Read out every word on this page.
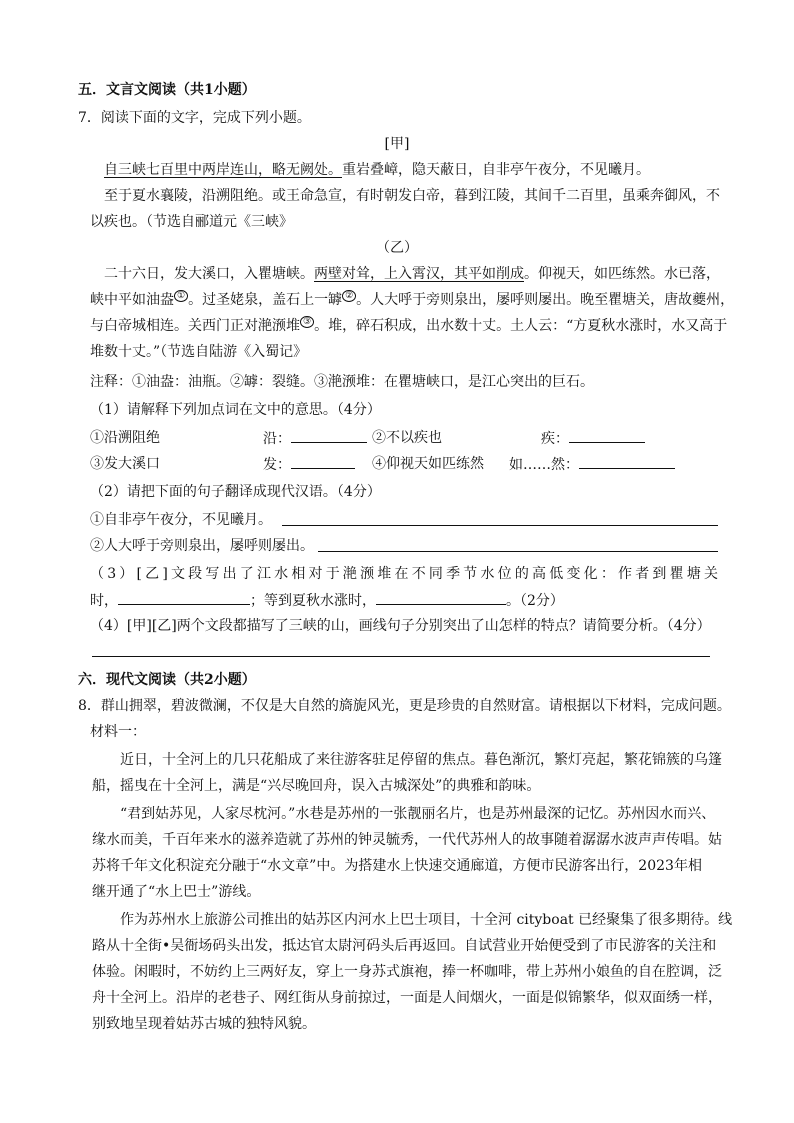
五．文言文阅读（共1小题）
7．阅读下面的文字，完成下列小题。
[甲]
自三峡七百里中两岸连山，略无阙处。重岩叠嶂，隐天蔽日，自非亭午夜分，不见曦月。
至于夏水襄陵，沿溯阻绝。或王命急宣，有时朝发白帝，暮到江陵，其间千二百里，虽乘奔御风，不
以疾也。（节选自郦道元《三峡》
（乙）
二十六日，发大溪口，入瞿塘峡。两壁对耸，上入霄汉，其平如削成。仰视天，如匹练然。水已落，
峡中平如油盎 ① 。过圣姥泉，盖石上一罅 ② 。人大呼于旁则泉出，屡呼则屡出。晚至瞿塘关，唐故夔州，
与白帝城相连。关西门正对滟滪堆 ③ 。堆，碎石积成，出水数十丈。土人云：“方夏秋水涨时，水又高于
堆数十丈。”（节选自陆游《入蜀记》
注释：①油盎：油瓶。②罅：裂缝。③滟滪堆：在瞿塘峡口，是江心突出的巨石。
（1）请解释下列加点词在文中的意思。（4分）
①沿溯阻绝	沿：	②不以疾也	疾：
③发大溪口	发：	④仰视天如匹练然 如……然：
（2）请把下面的句子翻译成现代汉语。（4分）
①自非亭午夜分，不见曦月。
②人大呼于旁则泉出，屡呼则屡出。
（3）[乙]文段写出了江水相对于滟滪堆在不同季节水位的高低变化：作者到瞿塘关
时，	；等到夏秋水涨时，	。（2分）
（4）[甲][乙]两个文段都描写了三峡的山，画线句子分别突出了山怎样的特点？请简要分析。（4分）
六．现代文阅读（共2小题）
8．群山拥翠，碧波微澜，不仅是大自然的旖旎风光，更是珍贵的自然财富。请根据以下材料，完成问题。
材料一：
近日，十全河上的几只花船成了来往游客驻足停留的焦点。暮色渐沉，繁灯亮起，繁花锦簇的乌篷
船，摇曳在十全河上，满是“兴尽晚回舟，误入古城深处”的典雅和韵味。
“君到姑苏见，人家尽枕河。”水巷是苏州的一张靓丽名片，也是苏州最深的记忆。苏州因水而兴、
缘水而美，千百年来水的滋养造就了苏州的钟灵毓秀，一代代苏州人的故事随着潺潺水波声声传唱。姑
苏将千年文化积淀充分融于“水文章”中。为搭建水上快速交通廊道，方便市民游客出行，2023年相
继开通了“水上巴士”游线。
作为苏州水上旅游公司推出的姑苏区内河水上巴士项目，十全河 cityboat 已经聚集了很多期待。线
路从十全街•吴衙场码头出发，抵达官太尉河码头后再返回。自试营业开始便受到了市民游客的关注和
体验。闲暇时，不妨约上三两好友，穿上一身苏式旗袍，捧一杯咖啡，带上苏州小娘鱼的自在腔调，泛
舟十全河上。沿岸的老巷子、网红街从身前掠过，一面是人间烟火，一面是似锦繁华，似双面绣一样，
别致地呈现着姑苏古城的独特风貌。
